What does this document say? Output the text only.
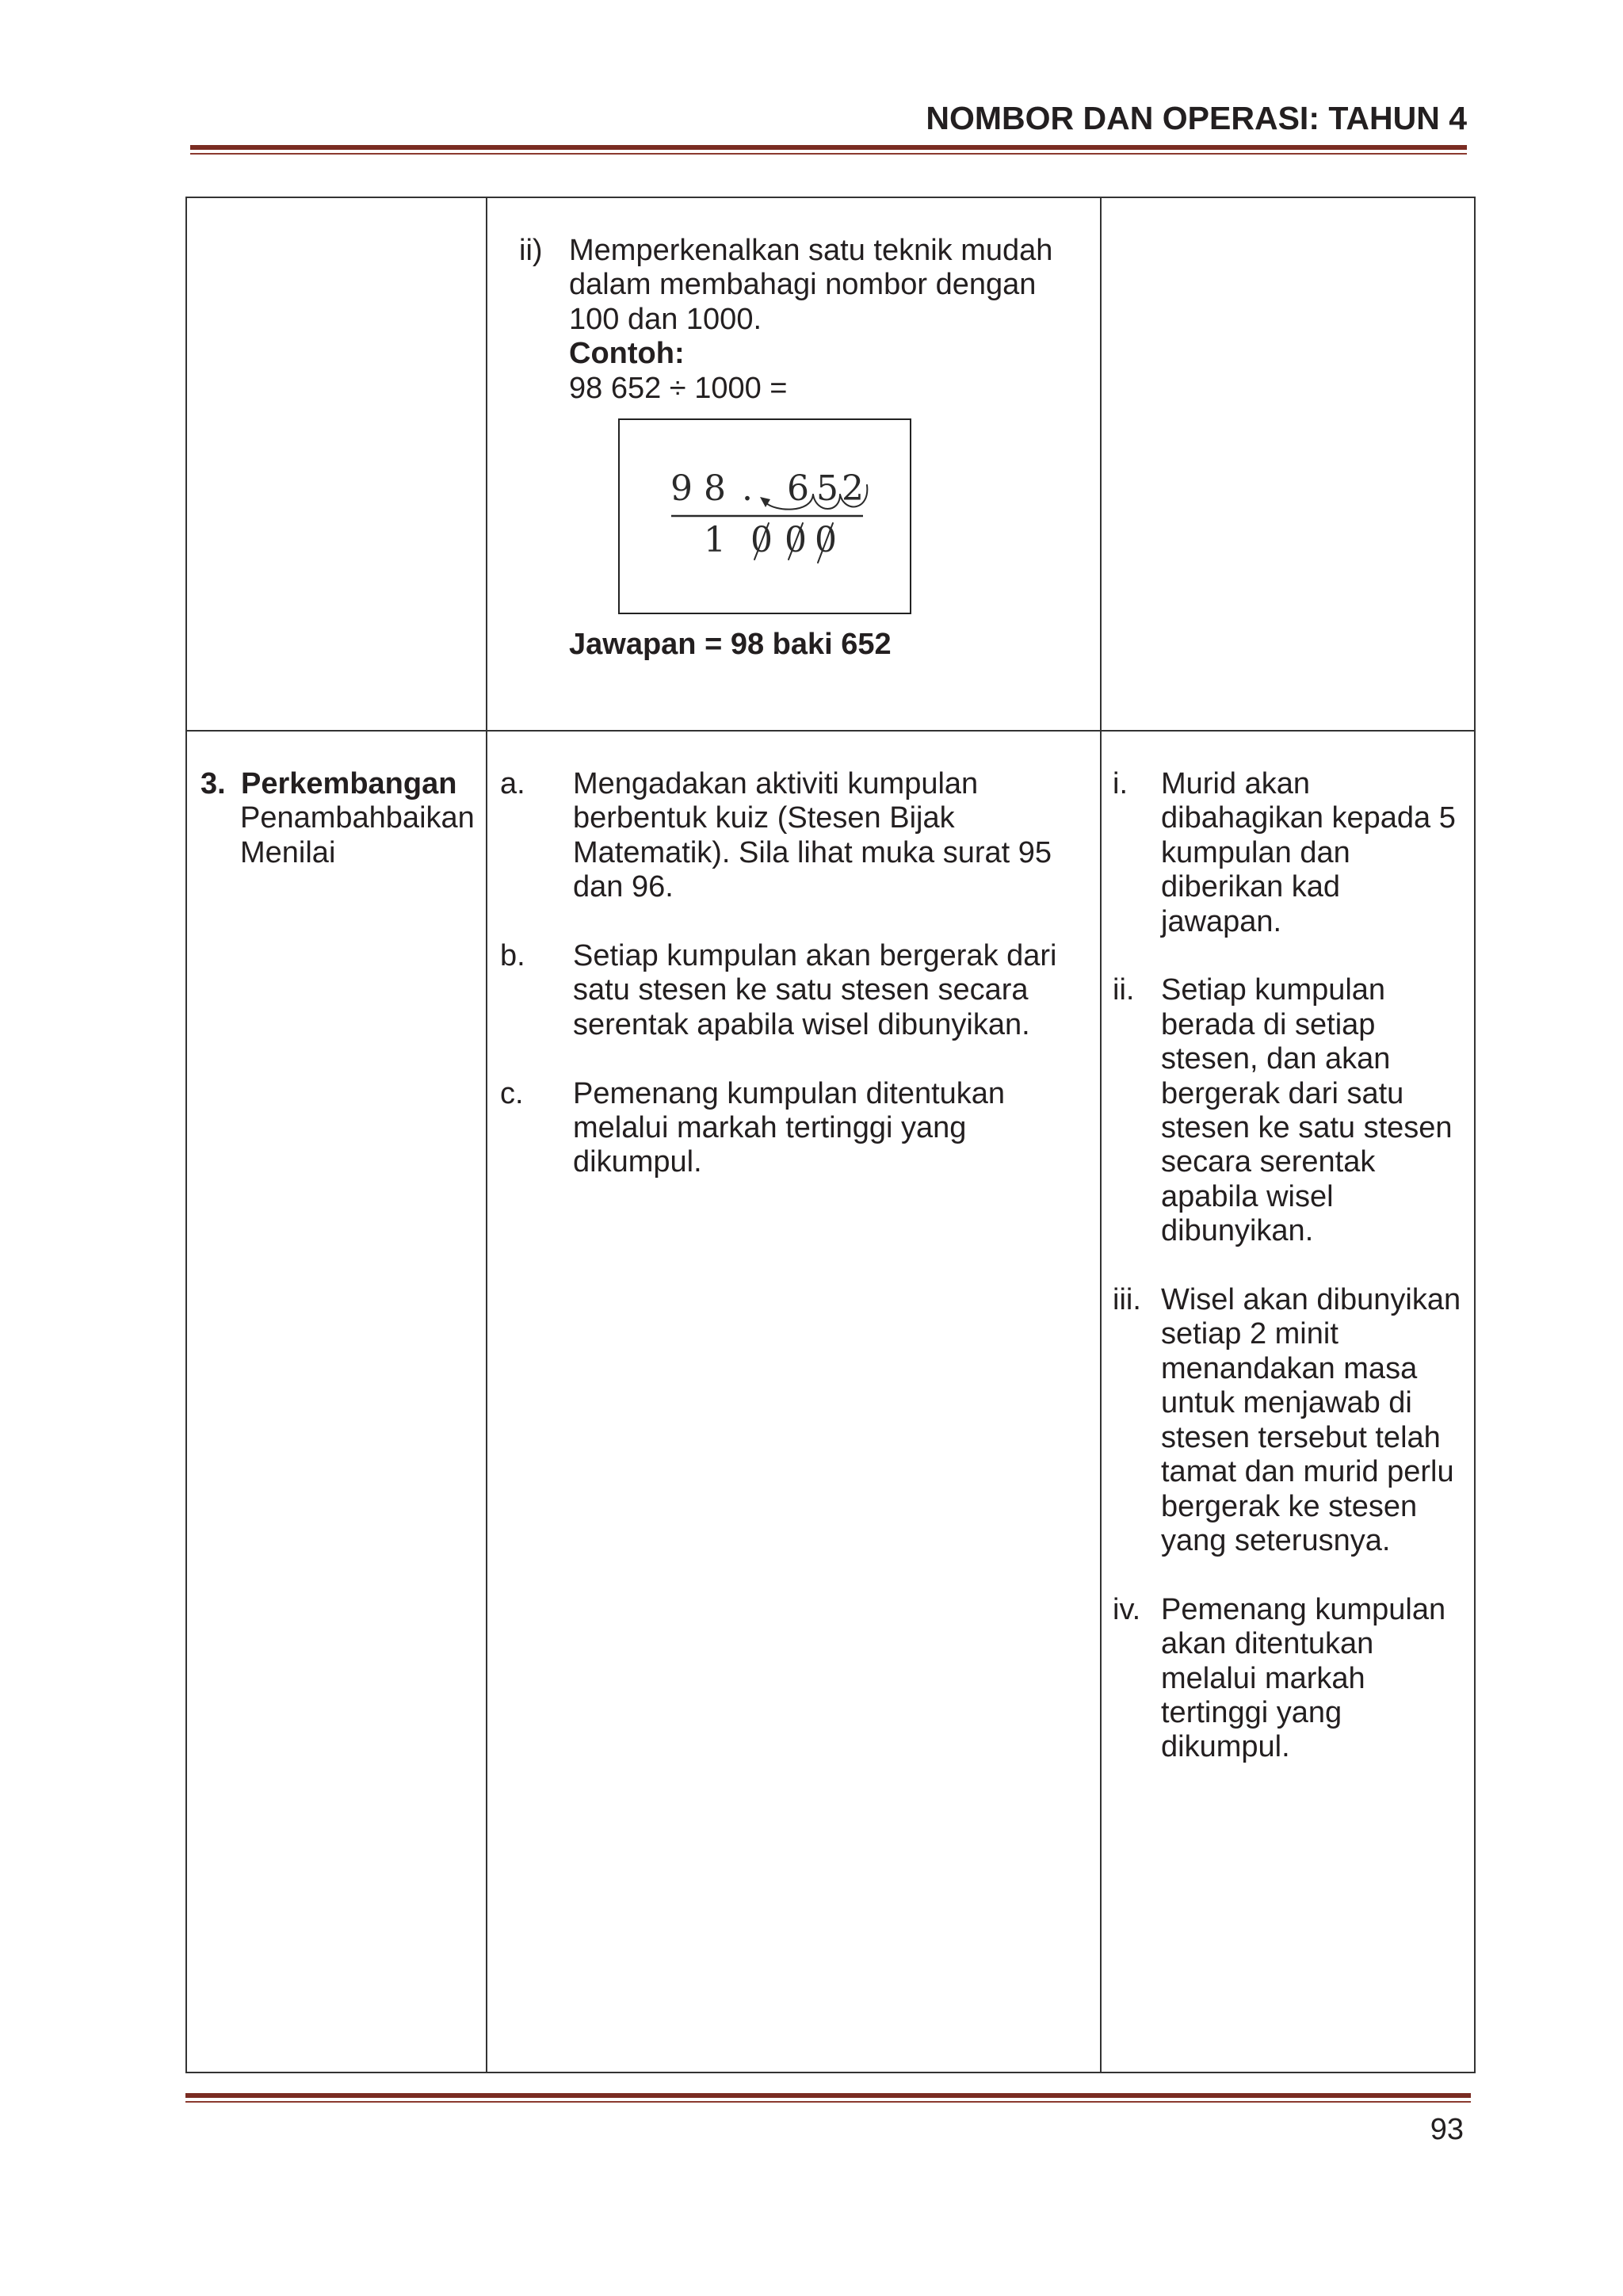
NOMBOR DAN OPERASI: TAHUN 4
ii) Memperkenalkan satu teknik mudah
dalam membahagi nombor dengan
100 dan 1000.
Contoh:
98 652 ÷ 1000 =
9 8 . 6 5 2
1 0 0 0
Jawapan = 98 baki 652
3. Perkembangan
Penambahbaikan
Menilai
a. Mengadakan aktiviti kumpulan
berbentuk kuiz (Stesen Bijak
Matematik). Sila lihat muka surat 95
dan 96.
b. Setiap kumpulan akan bergerak dari
satu stesen ke satu stesen secara
serentak apabila wisel dibunyikan.
c. Pemenang kumpulan ditentukan
melalui markah tertinggi yang
dikumpul.
i. Murid akan
dibahagikan kepada 5
kumpulan dan
diberikan kad
jawapan.
ii. Setiap kumpulan
berada di setiap
stesen, dan akan
bergerak dari satu
stesen ke satu stesen
secara serentak
apabila wisel
dibunyikan.
iii. Wisel akan dibunyikan
setiap 2 minit
menandakan masa
untuk menjawab di
stesen tersebut telah
tamat dan murid perlu
bergerak ke stesen
yang seterusnya.
iv. Pemenang kumpulan
akan ditentukan
melalui markah
tertinggi yang
dikumpul.
93
